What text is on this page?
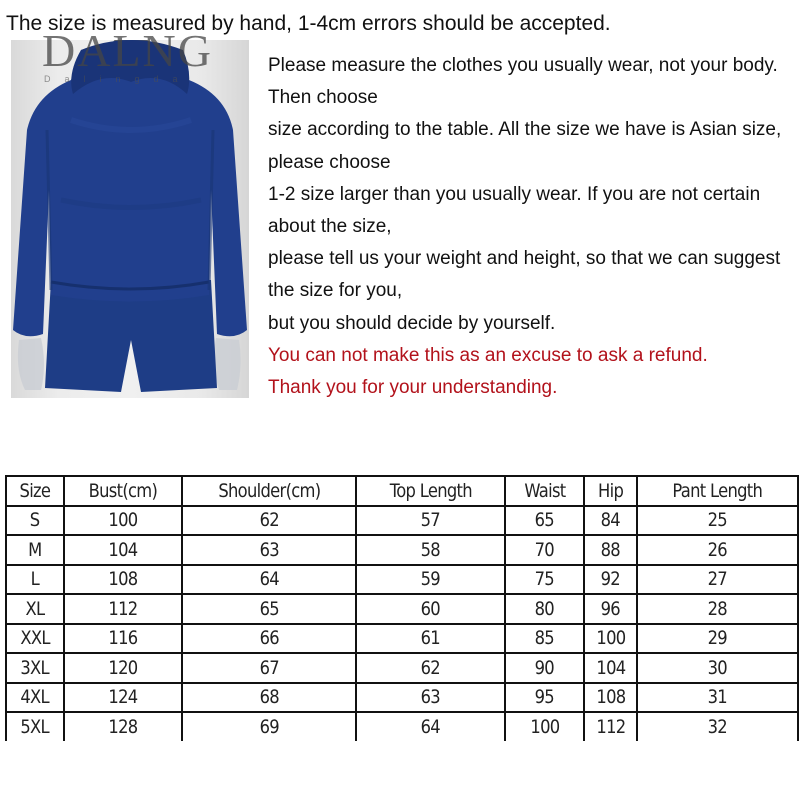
The size is measured by hand, 1-4cm errors should be accepted.
DALNG
Dalingda
Please measure the clothes you usually wear, not your body.
Then choose
size according to the table. All the size we have is Asian size,
please choose
1-2 size larger than you usually wear. If you are not certain
about the size,
please tell us your weight and height, so that we can suggest
the size for you,
but you should decide by yourself.
You can not make this as an excuse to ask a refund.
Thank you for your understanding.
Size	Bust(cm)	Shoulder(cm)	Top Length	Waist	Hip	Pant Length
S	100	62	57	65	84	25
M	104	63	58	70	88	26
L	108	64	59	75	92	27
XL	112	65	60	80	96	28
XXL	116	66	61	85	100	29
3XL	120	67	62	90	104	30
4XL	124	68	63	95	108	31
5XL	128	69	64	100	112	32
